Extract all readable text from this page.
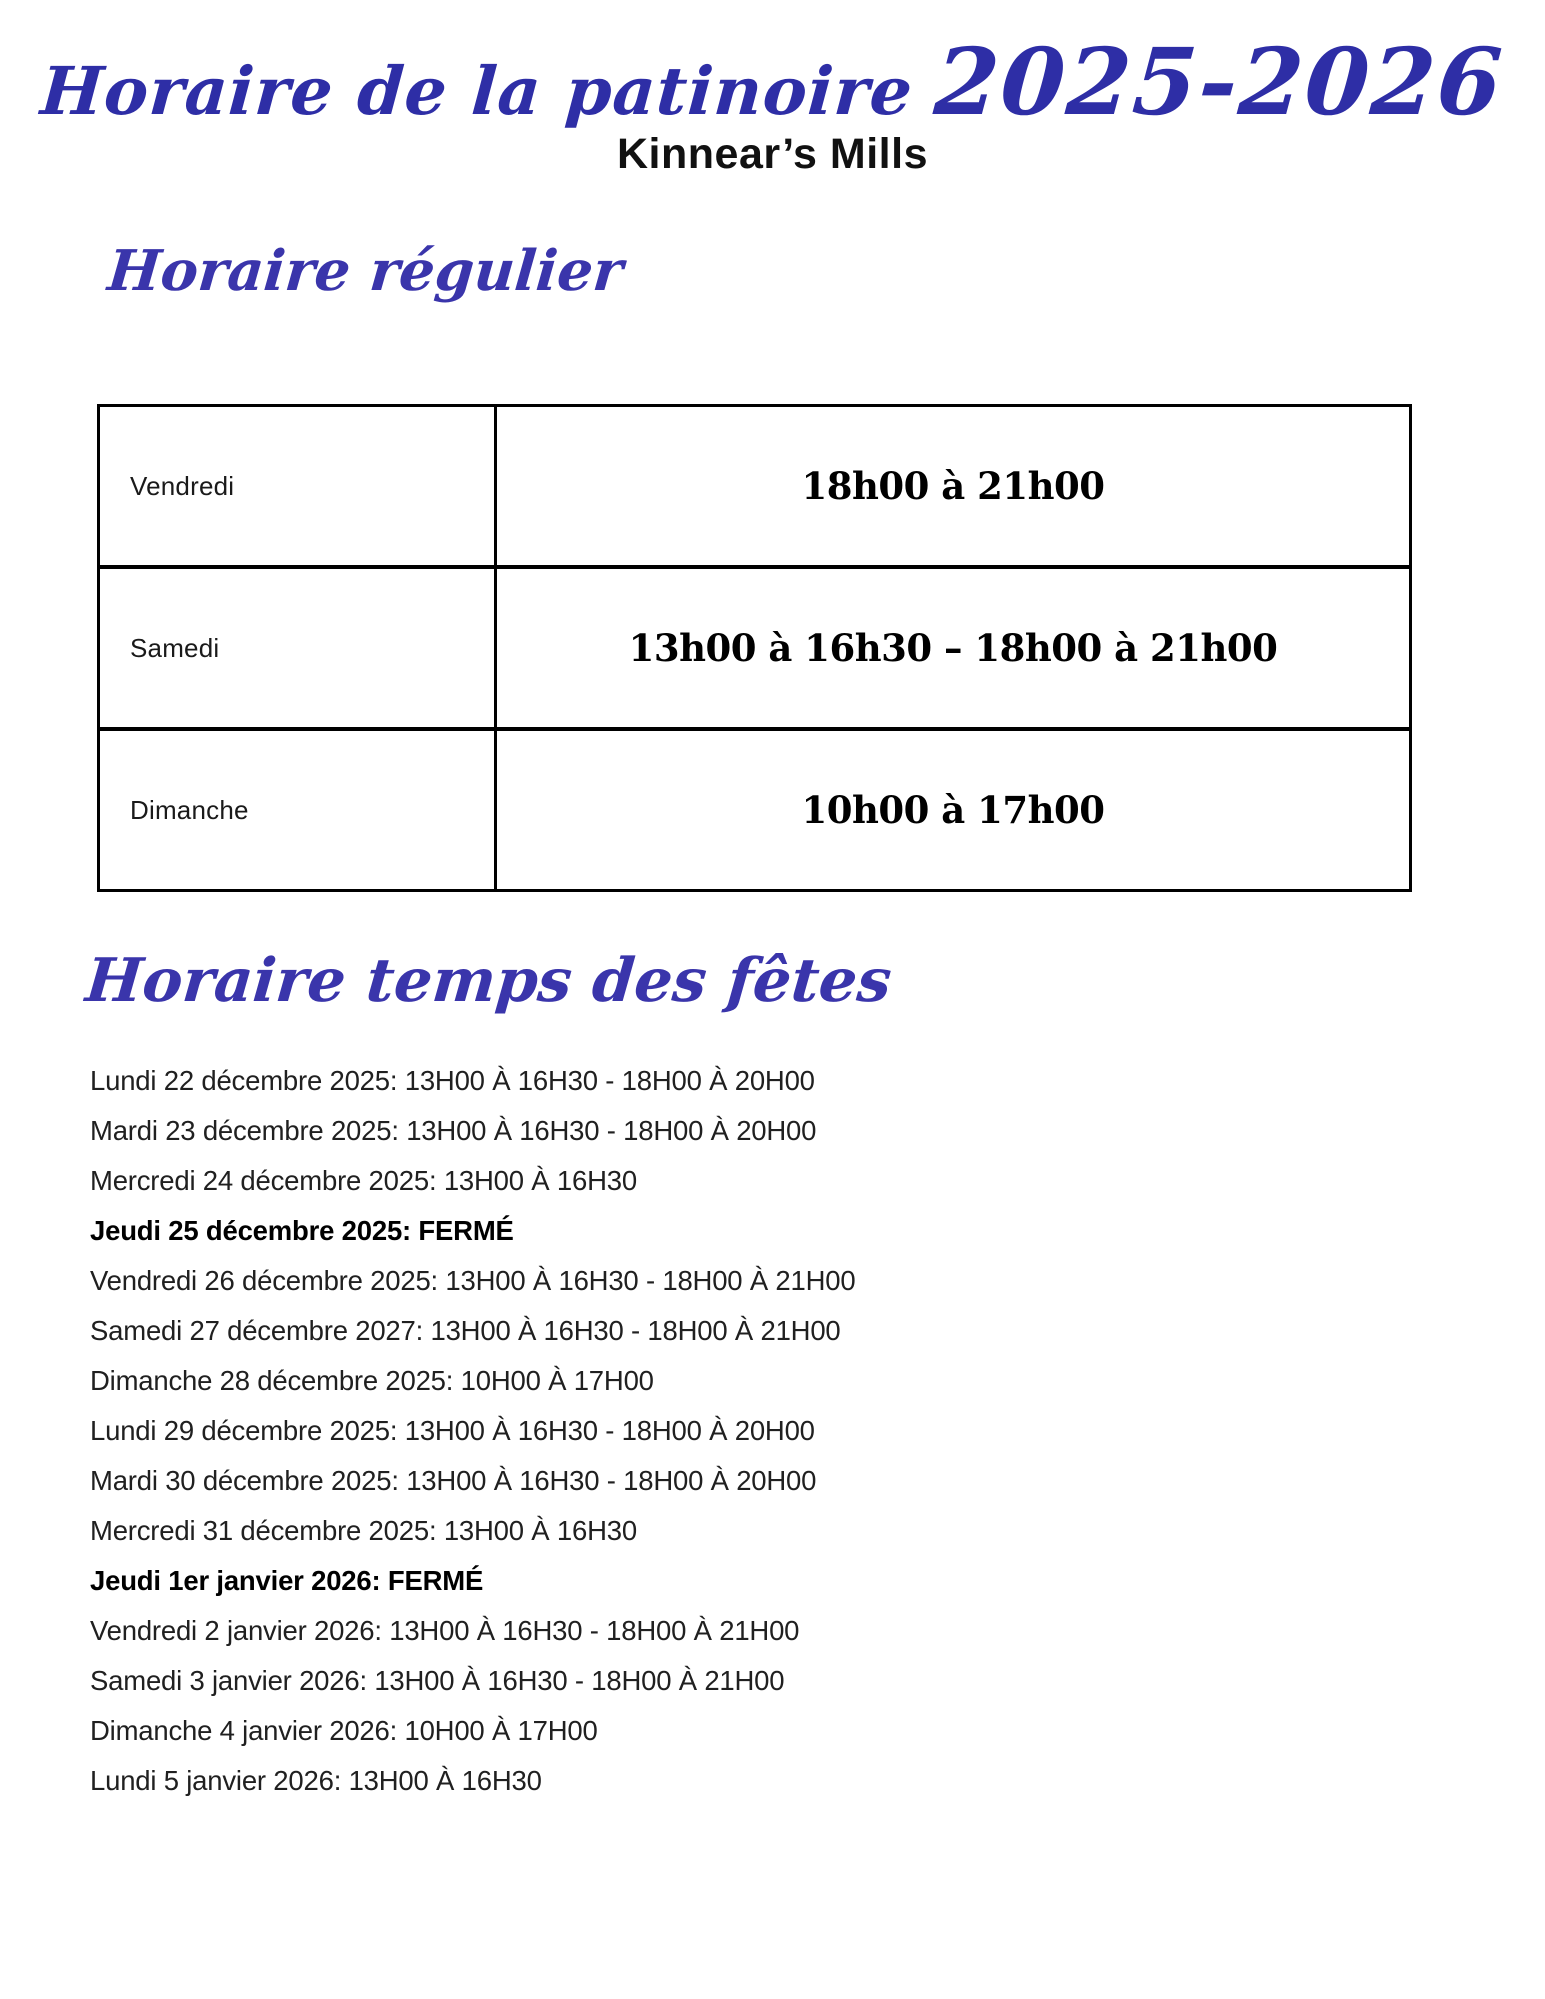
Horaire de la patinoire 2025-2026
Kinnear’s Mills
Horaire régulier
Vendredi	18h00 à 21h00
Samedi	13h00 à 16h30 – 18h00 à 21h00
Dimanche	10h00 à 17h00
Horaire temps des fêtes
Lundi 22 décembre 2025: 13H00 À 16H30 - 18H00 À 20H00
Mardi 23 décembre 2025: 13H00 À 16H30 - 18H00 À 20H00
Mercredi 24 décembre 2025: 13H00 À 16H30
Jeudi 25 décembre 2025: FERMÉ
Vendredi 26 décembre 2025: 13H00 À 16H30 - 18H00 À 21H00
Samedi 27 décembre 2027: 13H00 À 16H30 - 18H00 À 21H00
Dimanche 28 décembre 2025: 10H00 À 17H00
Lundi 29 décembre 2025: 13H00 À 16H30 - 18H00 À 20H00
Mardi 30 décembre 2025: 13H00 À 16H30 - 18H00 À 20H00
Mercredi 31 décembre 2025: 13H00 À 16H30
Jeudi 1er janvier 2026: FERMÉ
Vendredi 2 janvier 2026: 13H00 À 16H30 - 18H00 À 21H00
Samedi 3 janvier 2026: 13H00 À 16H30 - 18H00 À 21H00
Dimanche 4 janvier 2026: 10H00 À 17H00
Lundi 5 janvier 2026: 13H00 À 16H30
